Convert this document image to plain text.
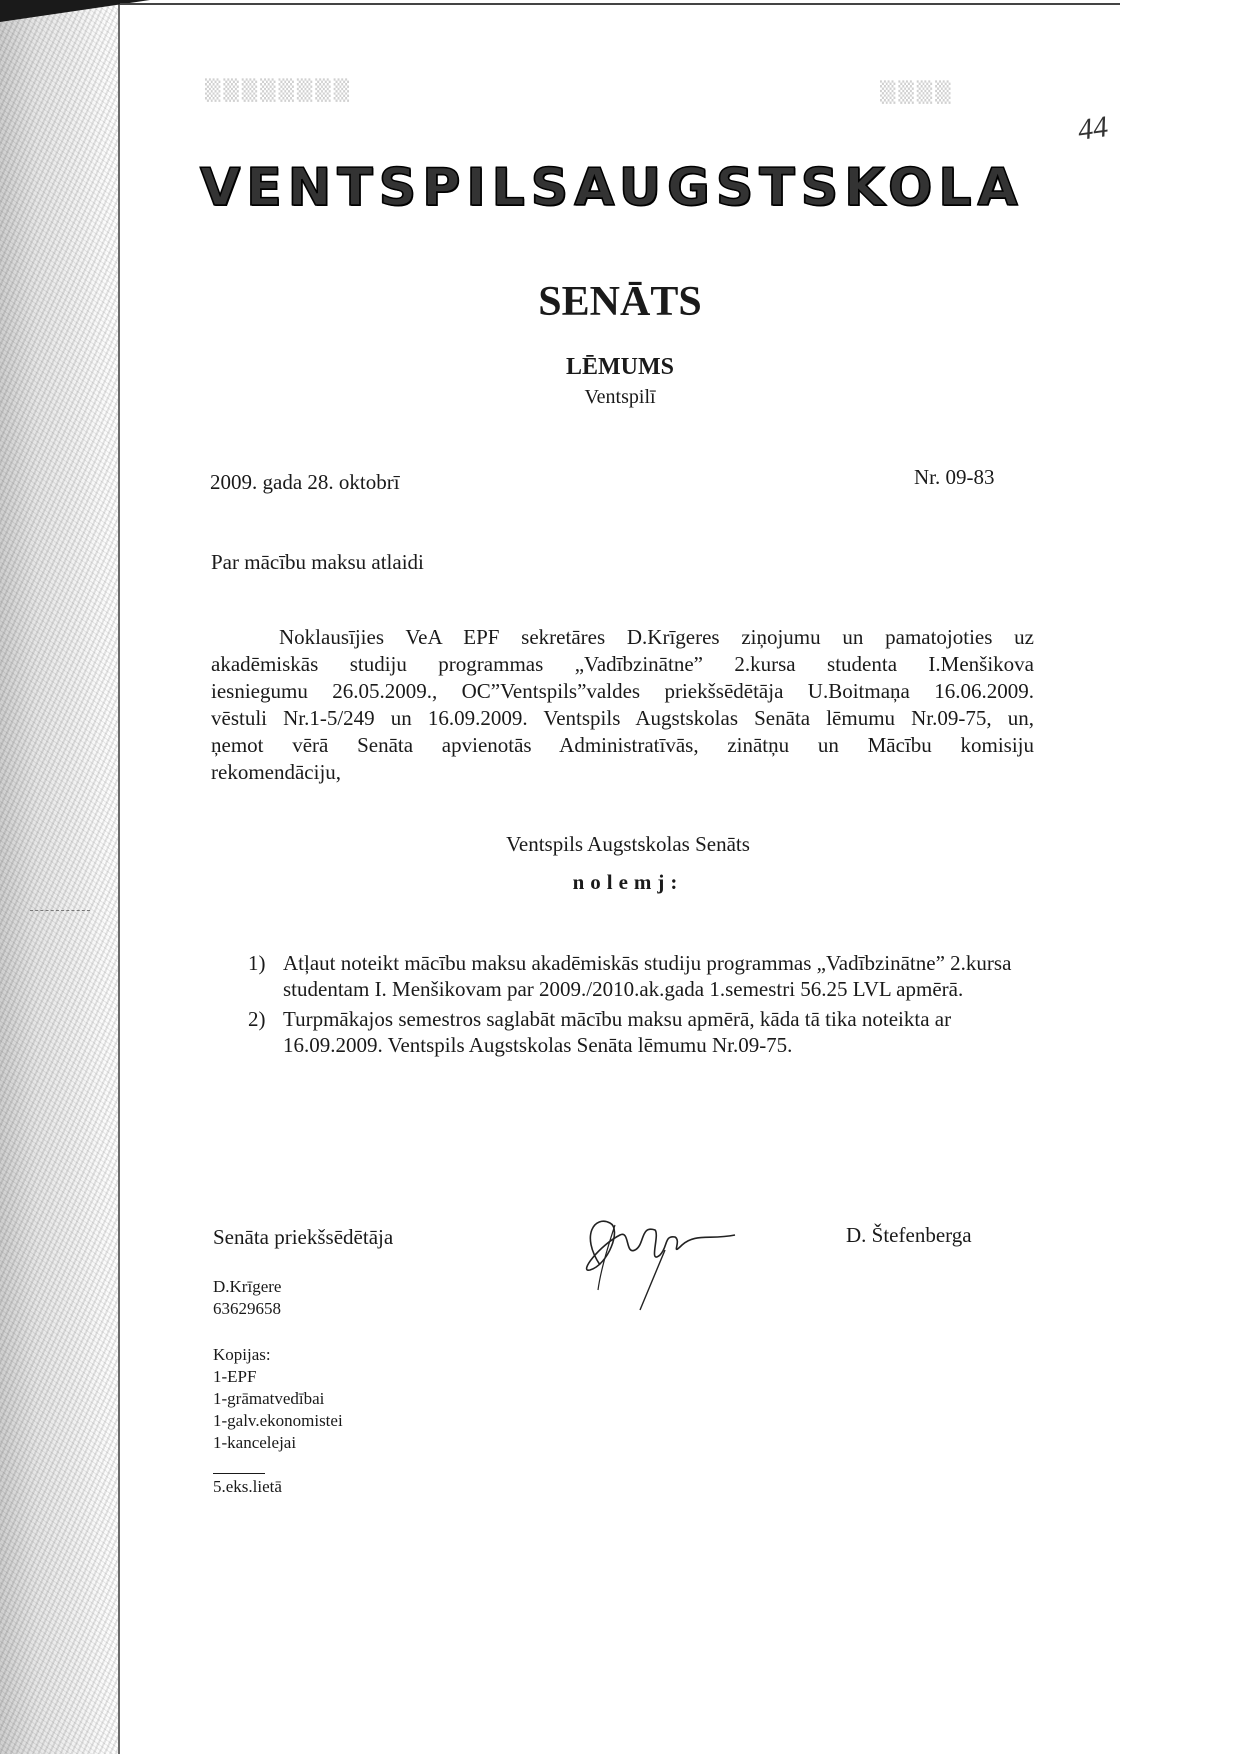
▒▒▒▒▒▒▒▒	▒▒▒▒
44
VENTSPILS AUGSTSKOLA
SENĀTS
LĒMUMS
Ventspilī
2009. gada 28. oktobrī	Nr. 09-83
Par mācību maksu atlaidi
Noklausījies VeA EPF sekretāres D.Krīgeres ziņojumu un pamatojoties uz
akadēmiskās studiju programmas „Vadībzinātne” 2.kursa studenta I.Menšikova
iesniegumu 26.05.2009., OC”Ventspils”valdes priekšsēdētāja U.Boitmaņa 16.06.2009.
vēstuli Nr.1-5/249 un 16.09.2009. Ventspils Augstskolas Senāta lēmumu Nr.09-75, un,
ņemot vērā Senāta apvienotās Administratīvās, zinātņu un Mācību komisiju
rekomendāciju,
Ventspils Augstskolas Senāts
nolemj:
1) Atļaut noteikt mācību maksu akadēmiskās studiju programmas „Vadībzinātne” 2.kursa studentam I. Menšikovam par 2009./2010.ak.gada 1.semestri 56.25 LVL apmērā.
2) Turpmākajos semestros saglabāt mācību maksu apmērā, kāda tā tika noteikta ar 16.09.2009. Ventspils Augstskolas Senāta lēmumu Nr.09-75.
Senāta priekšsēdētāja	D. Štefenberga
D.Krīgere
63629658
Kopijas:
1-EPF
1-grāmatvedībai
1-galv.ekonomistei
1-kancelejai
5.eks.lietā
